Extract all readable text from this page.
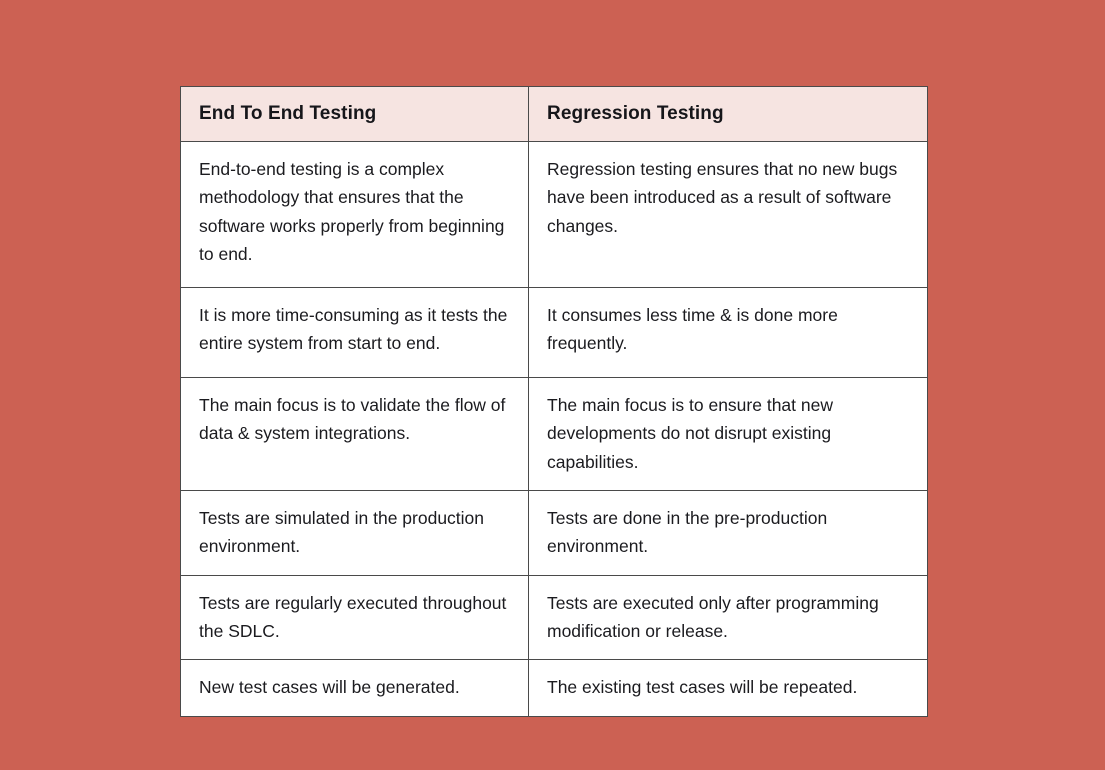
End To End Testing	Regression Testing
End-to-end testing is a complex methodology that ensures that the software works properly from beginning to end.	Regression testing ensures that no new bugs have been introduced as a result of software changes.
It is more time-consuming as it tests the entire system from start to end.	It consumes less time & is done more frequently.
The main focus is to validate the flow of data & system integrations.	The main focus is to ensure that new developments do not disrupt existing capabilities.
Tests are simulated in the production environment.	Tests are done in the pre-production environment.
Tests are regularly executed throughout the SDLC.	Tests are executed only after programming modification or release.
New test cases will be generated.	The existing test cases will be repeated.
